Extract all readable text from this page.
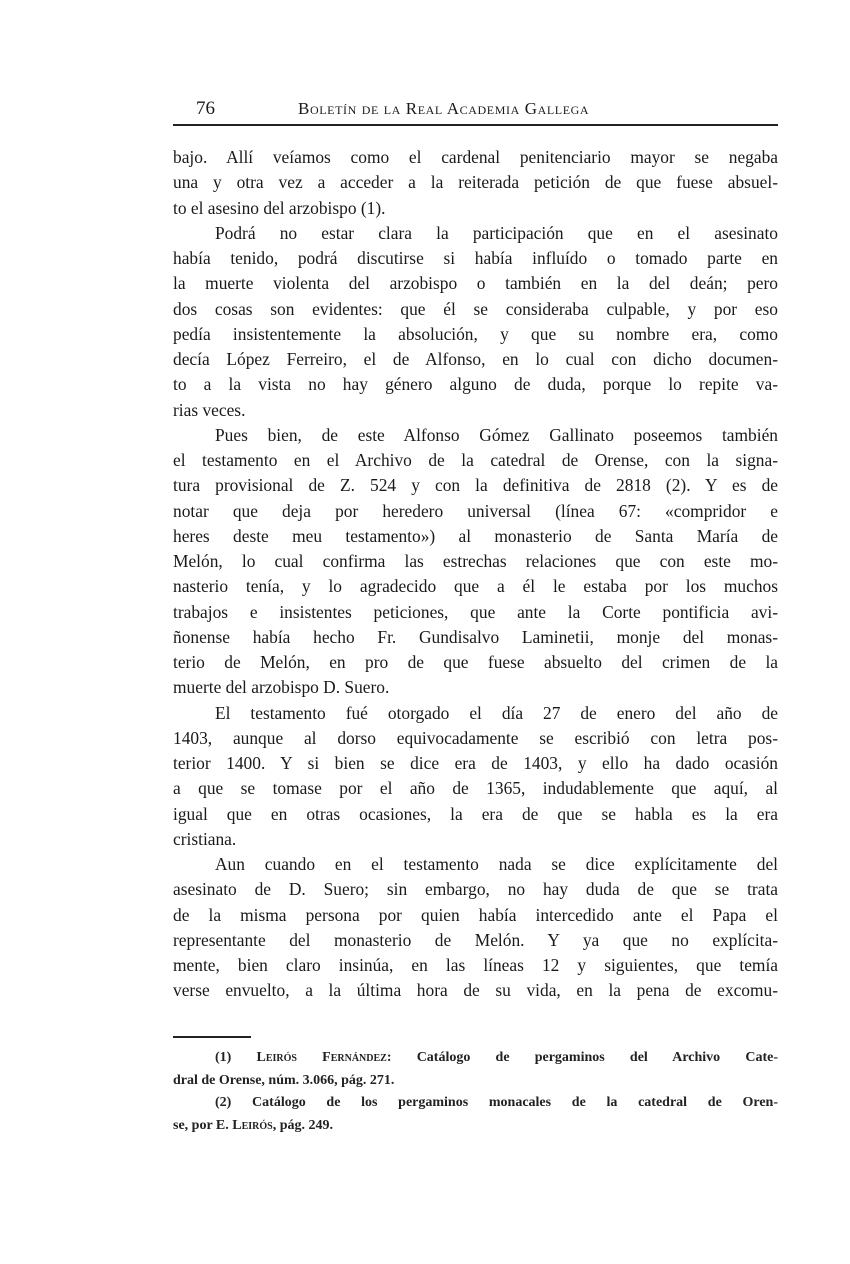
76	Boletín de la Real Academia Gallega
bajo. Allí veíamos como el cardenal penitenciario mayor se negaba
una y otra vez a acceder a la reiterada petición de que fuese absuel-
to el asesino del arzobispo (1).
Podrá no estar clara la participación que en el asesinato
había tenido, podrá discutirse si había influído o tomado parte en
la muerte violenta del arzobispo o también en la del deán; pero
dos cosas son evidentes: que él se consideraba culpable, y por eso
pedía insistentemente la absolución, y que su nombre era, como
decía López Ferreiro, el de Alfonso, en lo cual con dicho documen-
to a la vista no hay género alguno de duda, porque lo repite va-
rias veces.
Pues bien, de este Alfonso Gómez Gallinato poseemos también
el testamento en el Archivo de la catedral de Orense, con la signa-
tura provisional de Z. 524 y con la definitiva de 2818 (2). Y es de
notar que deja por heredero universal (línea 67: «compridor e
heres deste meu testamento») al monasterio de Santa María de
Melón, lo cual confirma las estrechas relaciones que con este mo-
nasterio tenía, y lo agradecido que a él le estaba por los muchos
trabajos e insistentes peticiones, que ante la Corte pontificia avi-
ñonense había hecho Fr. Gundisalvo Laminetii, monje del monas-
terio de Melón, en pro de que fuese absuelto del crimen de la
muerte del arzobispo D. Suero.
El testamento fué otorgado el día 27 de enero del año de
1403, aunque al dorso equivocadamente se escribió con letra pos-
terior 1400. Y si bien se dice era de 1403, y ello ha dado ocasión
a que se tomase por el año de 1365, indudablemente que aquí, al
igual que en otras ocasiones, la era de que se habla es la era
cristiana.
Aun cuando en el testamento nada se dice explícitamente del
asesinato de D. Suero; sin embargo, no hay duda de que se trata
de la misma persona por quien había intercedido ante el Papa el
representante del monasterio de Melón. Y ya que no explícita-
mente, bien claro insinúa, en las líneas 12 y siguientes, que temía
verse envuelto, a la última hora de su vida, en la pena de excomu-
(1) Leirós Fernández: Catálogo de pergaminos del Archivo Cate-
dral de Orense, núm. 3.066, pág. 271.
(2) Catálogo de los pergaminos monacales de la catedral de Oren-
se, por E. Leirós, pág. 249.
